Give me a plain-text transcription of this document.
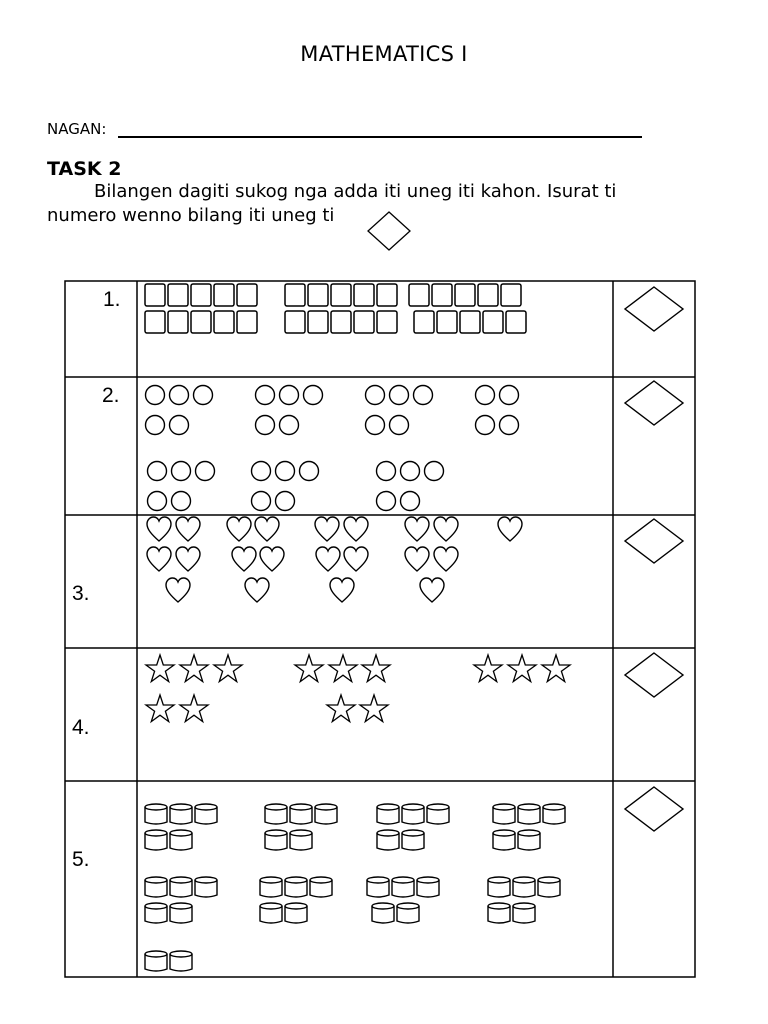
MATHEMATICS I
NAGAN:
TASK 2
Bilangen dagiti sukog nga adda iti uneg iti kahon. Isurat ti
numero wenno bilang iti uneg ti
1.
2.
3.
4.
5.
